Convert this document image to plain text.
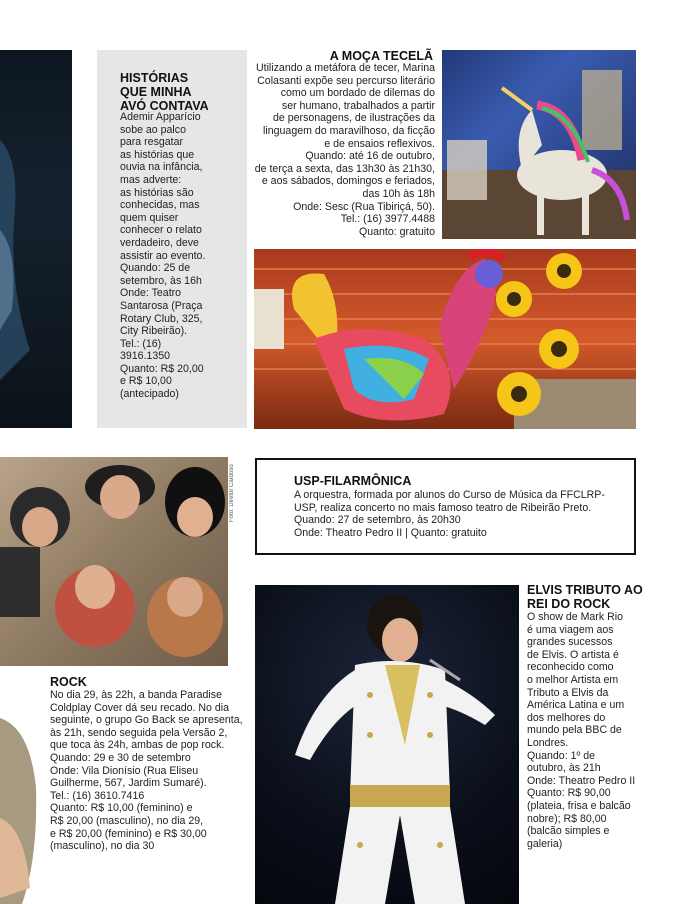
HISTÓRIAS
QUE MINHA
AVÓ CONTAVA
Ademir Apparício
sobe ao palco
para resgatar
as histórias que
ouvia na infância,
mas adverte:
as histórias são
conhecidas, mas
quem quiser
conhecer o relato
verdadeiro, deve
assistir ao evento.
Quando: 25 de
setembro, às 16h
Onde: Teatro
Santarosa (Praça
Rotary Club, 325,
City Ribeirão).
Tel.: (16)
3916.1350
Quanto: R$ 20,00
e R$ 10,00
(antecipado)
A MOÇA TECELÃ
Utilizando a metáfora de tecer, Marina
Colasanti expõe seu percurso literário
como um bordado de dilemas do
ser humano, trabalhados a partir
de personagens, de ilustrações da
linguagem do maravilhoso, da ficção
e de ensaios reflexivos.
Quando: até 16 de outubro,
de terça a sexta, das 13h30 às 21h30,
e aos sábados, domingos e feriados,
das 10h às 18h
Onde: Sesc (Rua Tibiriçá, 50).
Tel.: (16) 3977.4488
Quanto: gratuito
Foto: Diretor Cardoso	USP-FILARMÔNICA
A orquestra, formada por alunos do Curso de Música da FFCLRP-
USP, realiza concerto no mais famoso teatro de Ribeirão Preto.
Quando: 27 de setembro, às 20h30
Onde: Theatro Pedro II | Quanto: gratuito
ROCK
No dia 29, às 22h, a banda Paradise
Coldplay Cover dá seu recado. No dia
seguinte, o grupo Go Back se apresenta,
às 21h, sendo seguida pela Versão 2,
que toca às 24h, ambas de pop rock.
Quando: 29 e 30 de setembro
Onde: Vila Dionísio (Rua Eliseu
Guilherme, 567, Jardim Sumaré).
Tel.: (16) 3610.7416
Quanto: R$ 10,00 (feminino) e
R$ 20,00 (masculino), no dia 29,
e R$ 20,00 (feminino) e R$ 30,00
(masculino), no dia 30
ELVIS TRIBUTO AO
REI DO ROCK
O show de Mark Rio
é uma viagem aos
grandes sucessos
de Elvis. O artista é
reconhecido como
o melhor Artista em
Tributo a Elvis da
América Latina e um
dos melhores do
mundo pela BBC de
Londres.
Quando: 1º de
outubro, às 21h
Onde: Theatro Pedro II
Quanto: R$ 90,00
(plateia, frisa e balcão
nobre); R$ 80,00
(balcão simples e
galeria)
